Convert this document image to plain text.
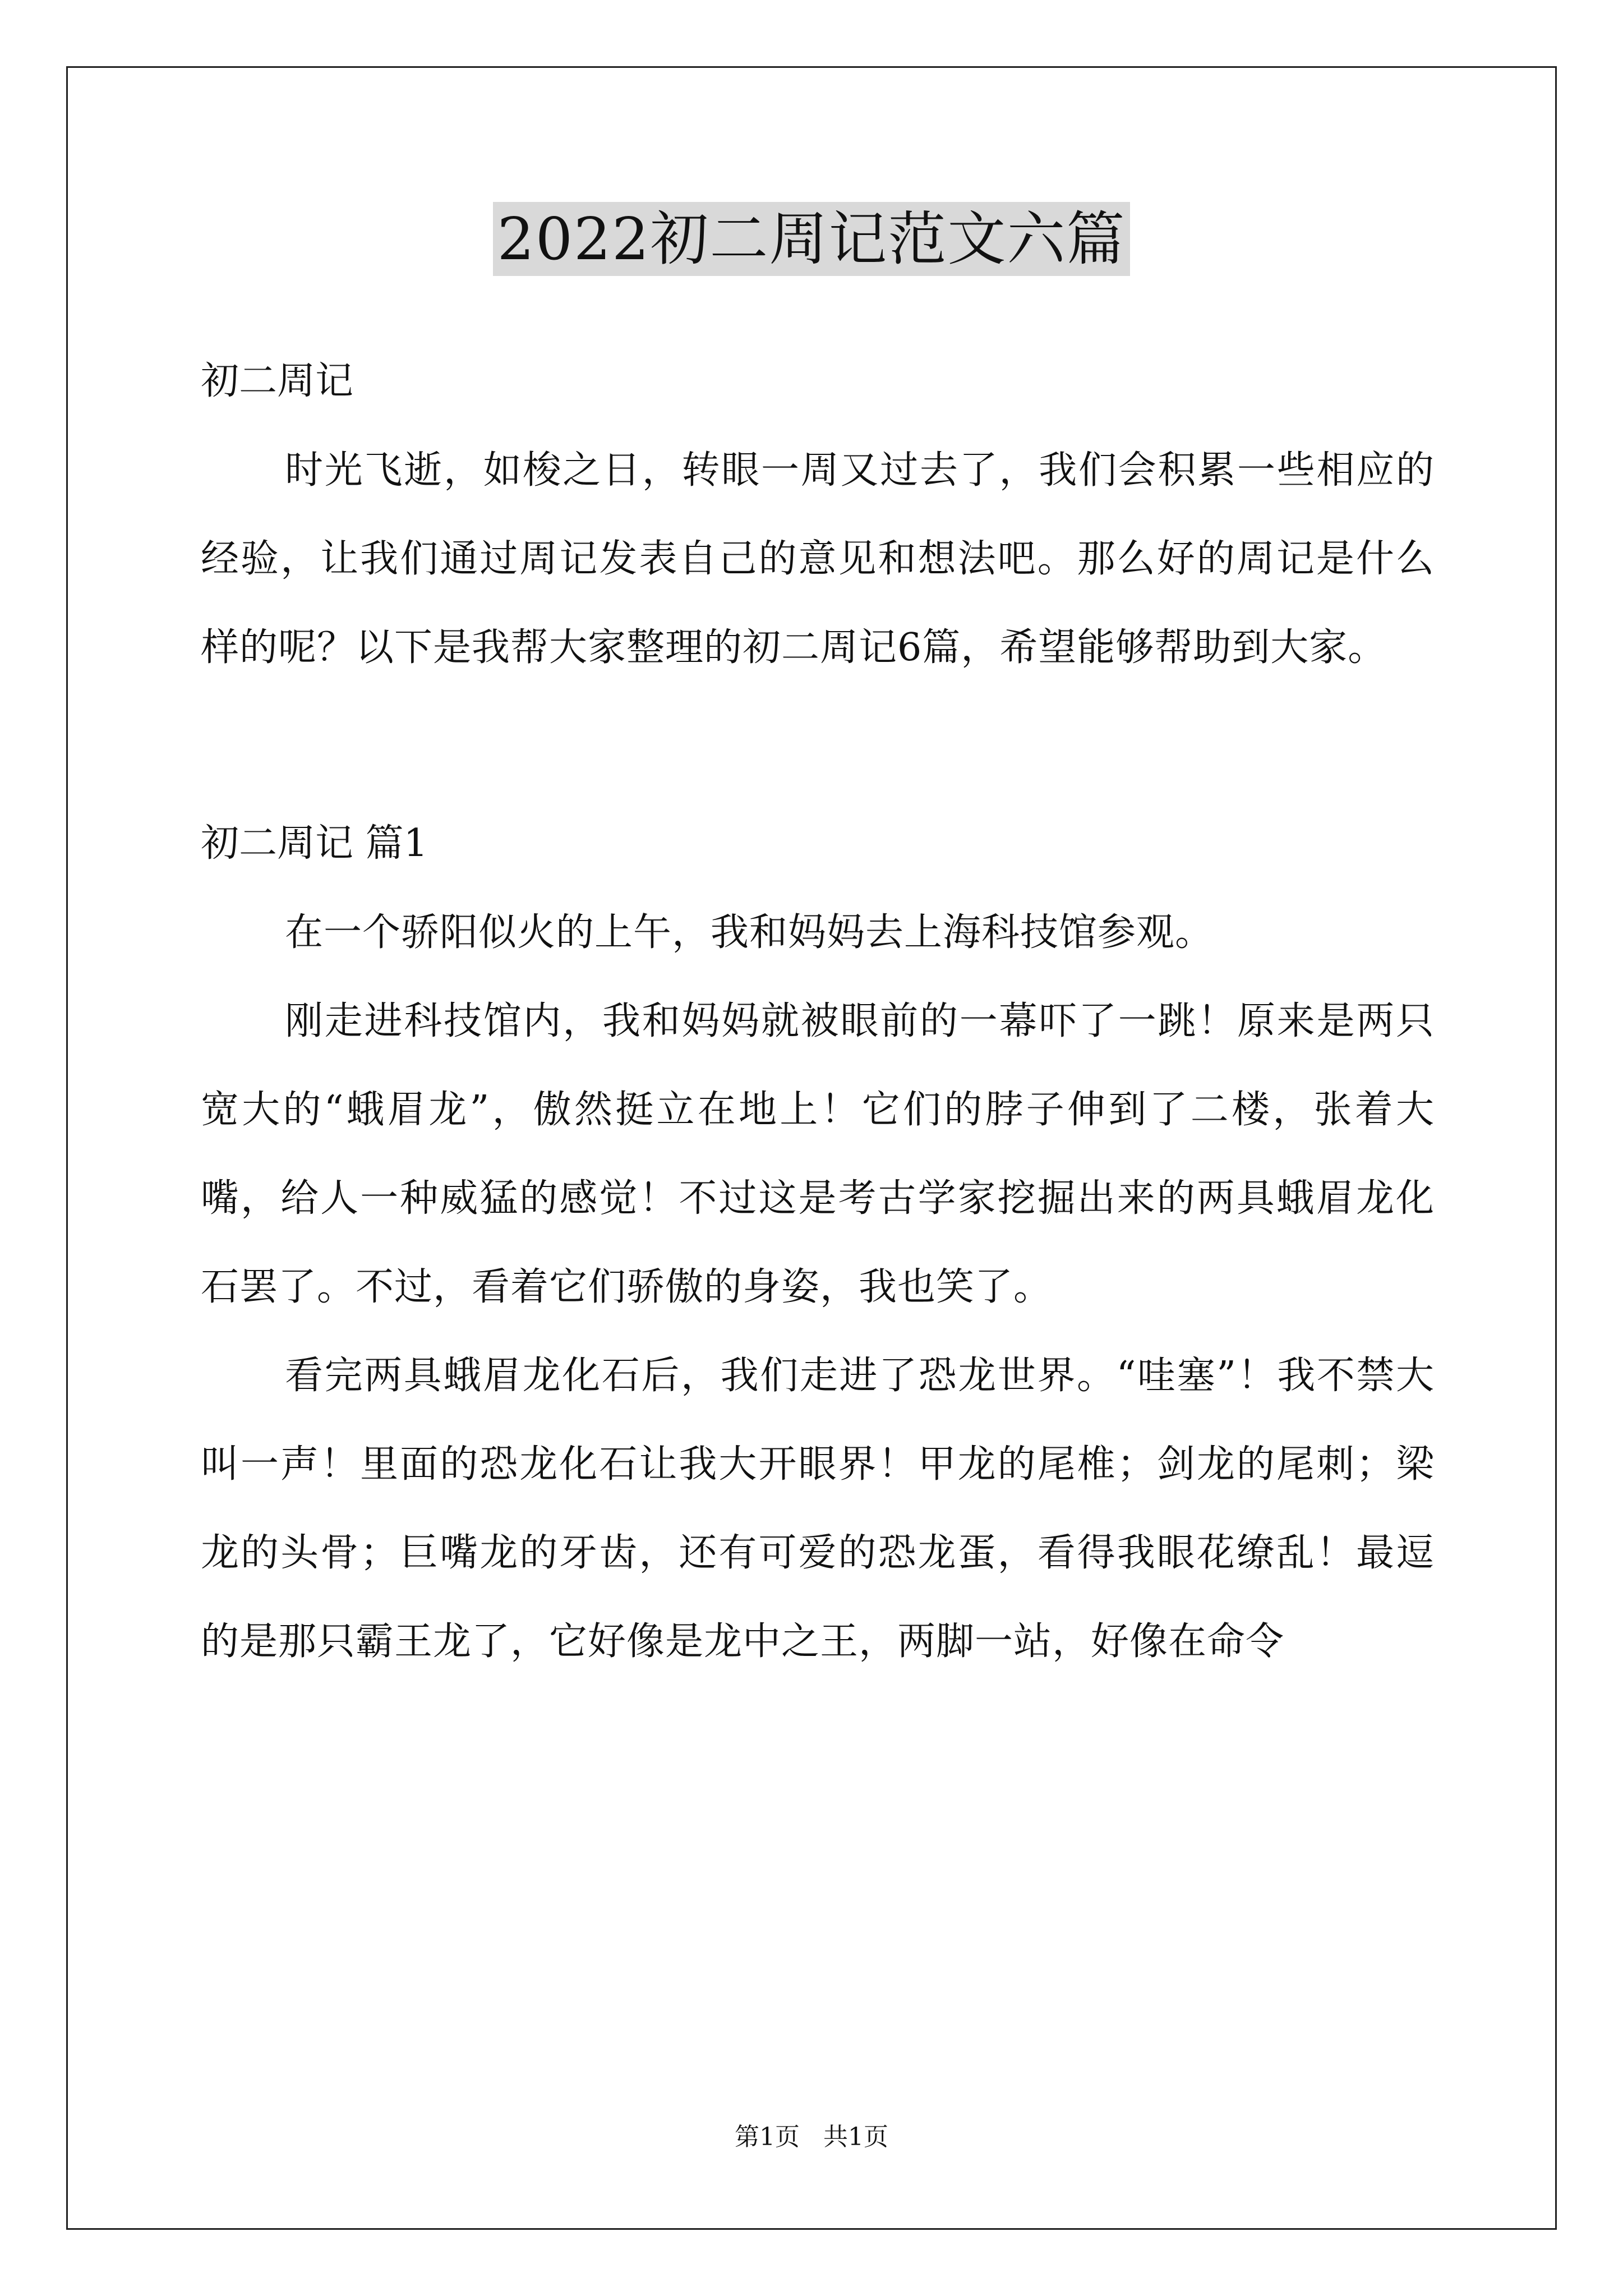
2022初二周记范文六篇

初二周记

时光飞逝，如梭之日，转眼一周又过去了，我们会积累一些相应的经验，让我们通过周记发表自己的意见和想法吧。那么好的周记是什么样的呢？以下是我帮大家整理的初二周记6篇，希望能够帮助到大家。

初二周记 篇1

在一个骄阳似火的上午，我和妈妈去上海科技馆参观。

刚走进科技馆内，我和妈妈就被眼前的一幕吓了一跳！原来是两只宽大的“蛾眉龙”，傲然挺立在地上！它们的脖子伸到了二楼，张着大嘴，给人一种威猛的感觉！不过这是考古学家挖掘出来的两具蛾眉龙化石罢了。不过，看着它们骄傲的身姿，我也笑了。

看完两具蛾眉龙化石后，我们走进了恐龙世界。“哇塞”！我不禁大叫一声！里面的恐龙化石让我大开眼界！甲龙的尾椎；剑龙的尾刺；梁龙的头骨；巨嘴龙的牙齿，还有可爱的恐龙蛋，看得我眼花缭乱！最逗的是那只霸王龙了，它好像是龙中之王，两脚一站，好像在命令

第1页   共1页
